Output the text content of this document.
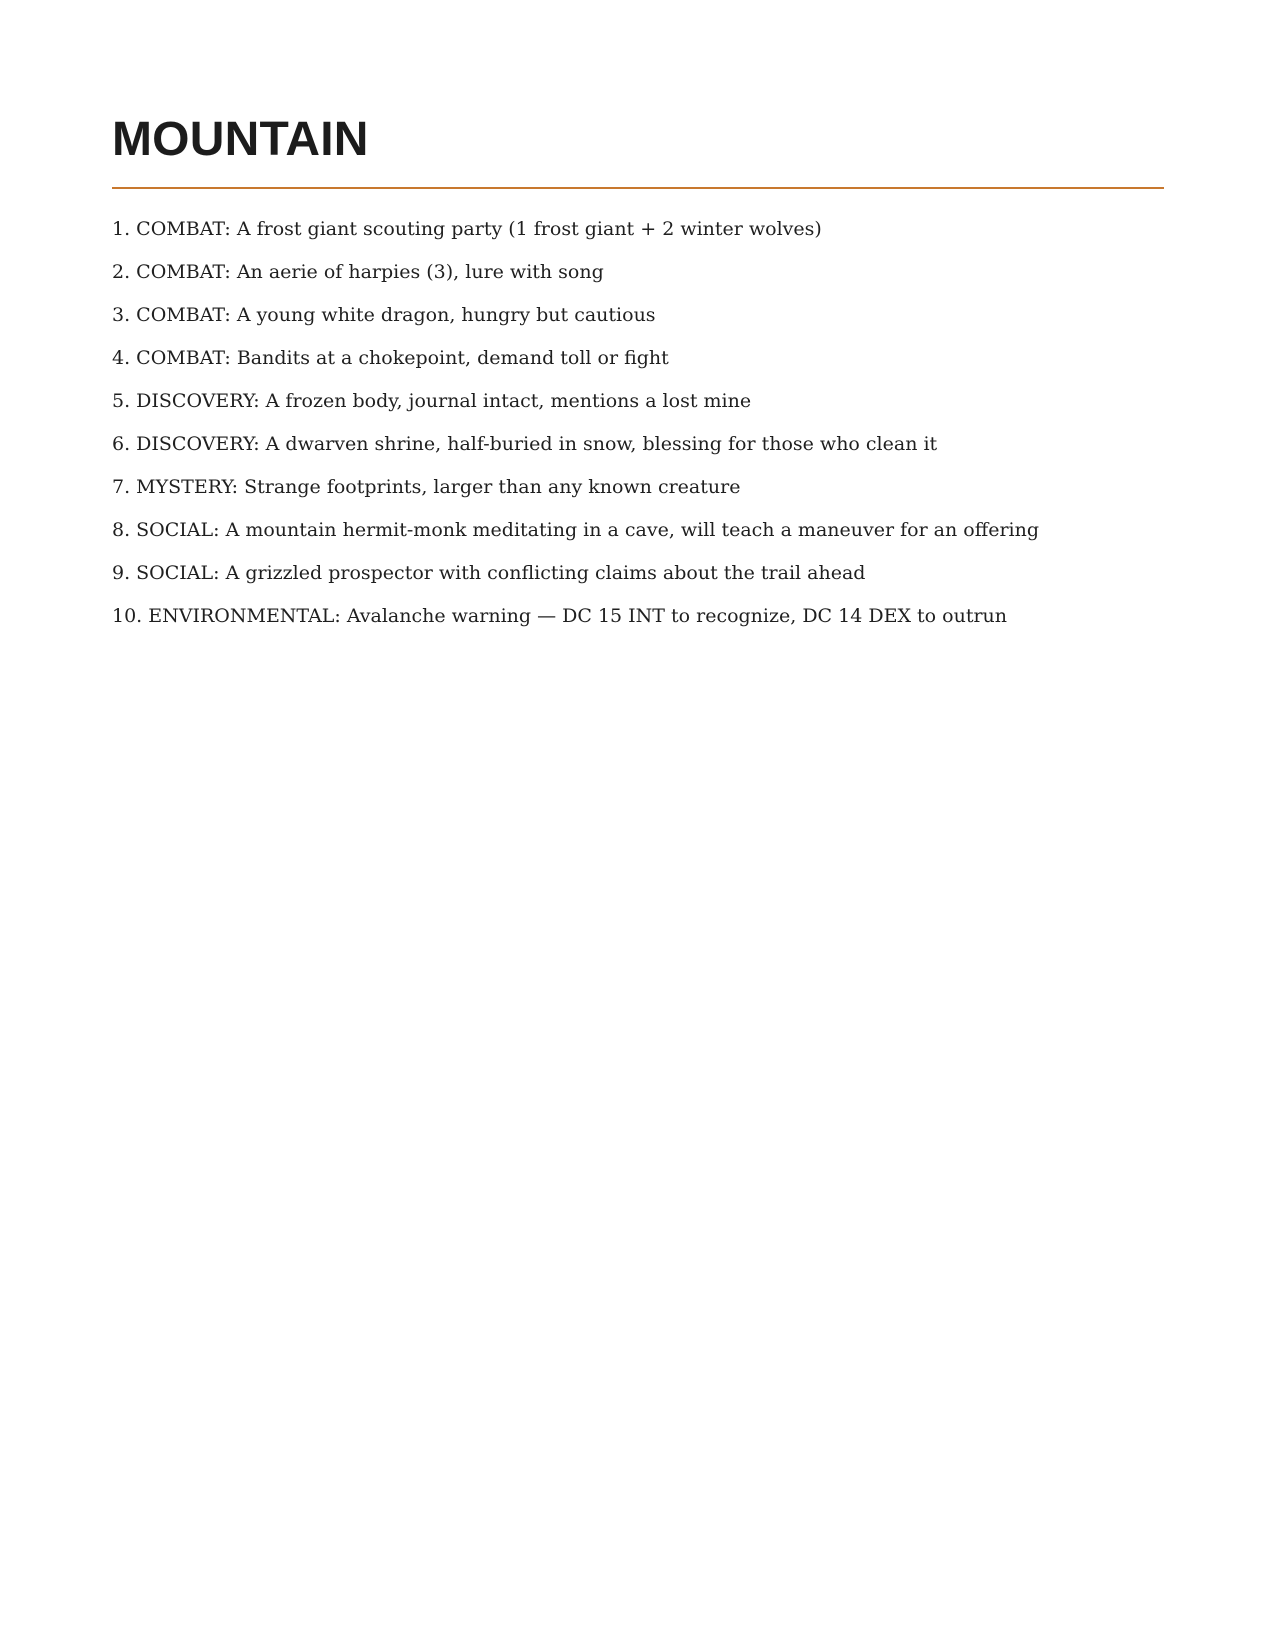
MOUNTAIN
1. COMBAT: A frost giant scouting party (1 frost giant + 2 winter wolves)
2. COMBAT: An aerie of harpies (3), lure with song
3. COMBAT: A young white dragon, hungry but cautious
4. COMBAT: Bandits at a chokepoint, demand toll or fight
5. DISCOVERY: A frozen body, journal intact, mentions a lost mine
6. DISCOVERY: A dwarven shrine, half-buried in snow, blessing for those who clean it
7. MYSTERY: Strange footprints, larger than any known creature
8. SOCIAL: A mountain hermit-monk meditating in a cave, will teach a maneuver for an offering
9. SOCIAL: A grizzled prospector with conflicting claims about the trail ahead
10. ENVIRONMENTAL: Avalanche warning — DC 15 INT to recognize, DC 14 DEX to outrun
